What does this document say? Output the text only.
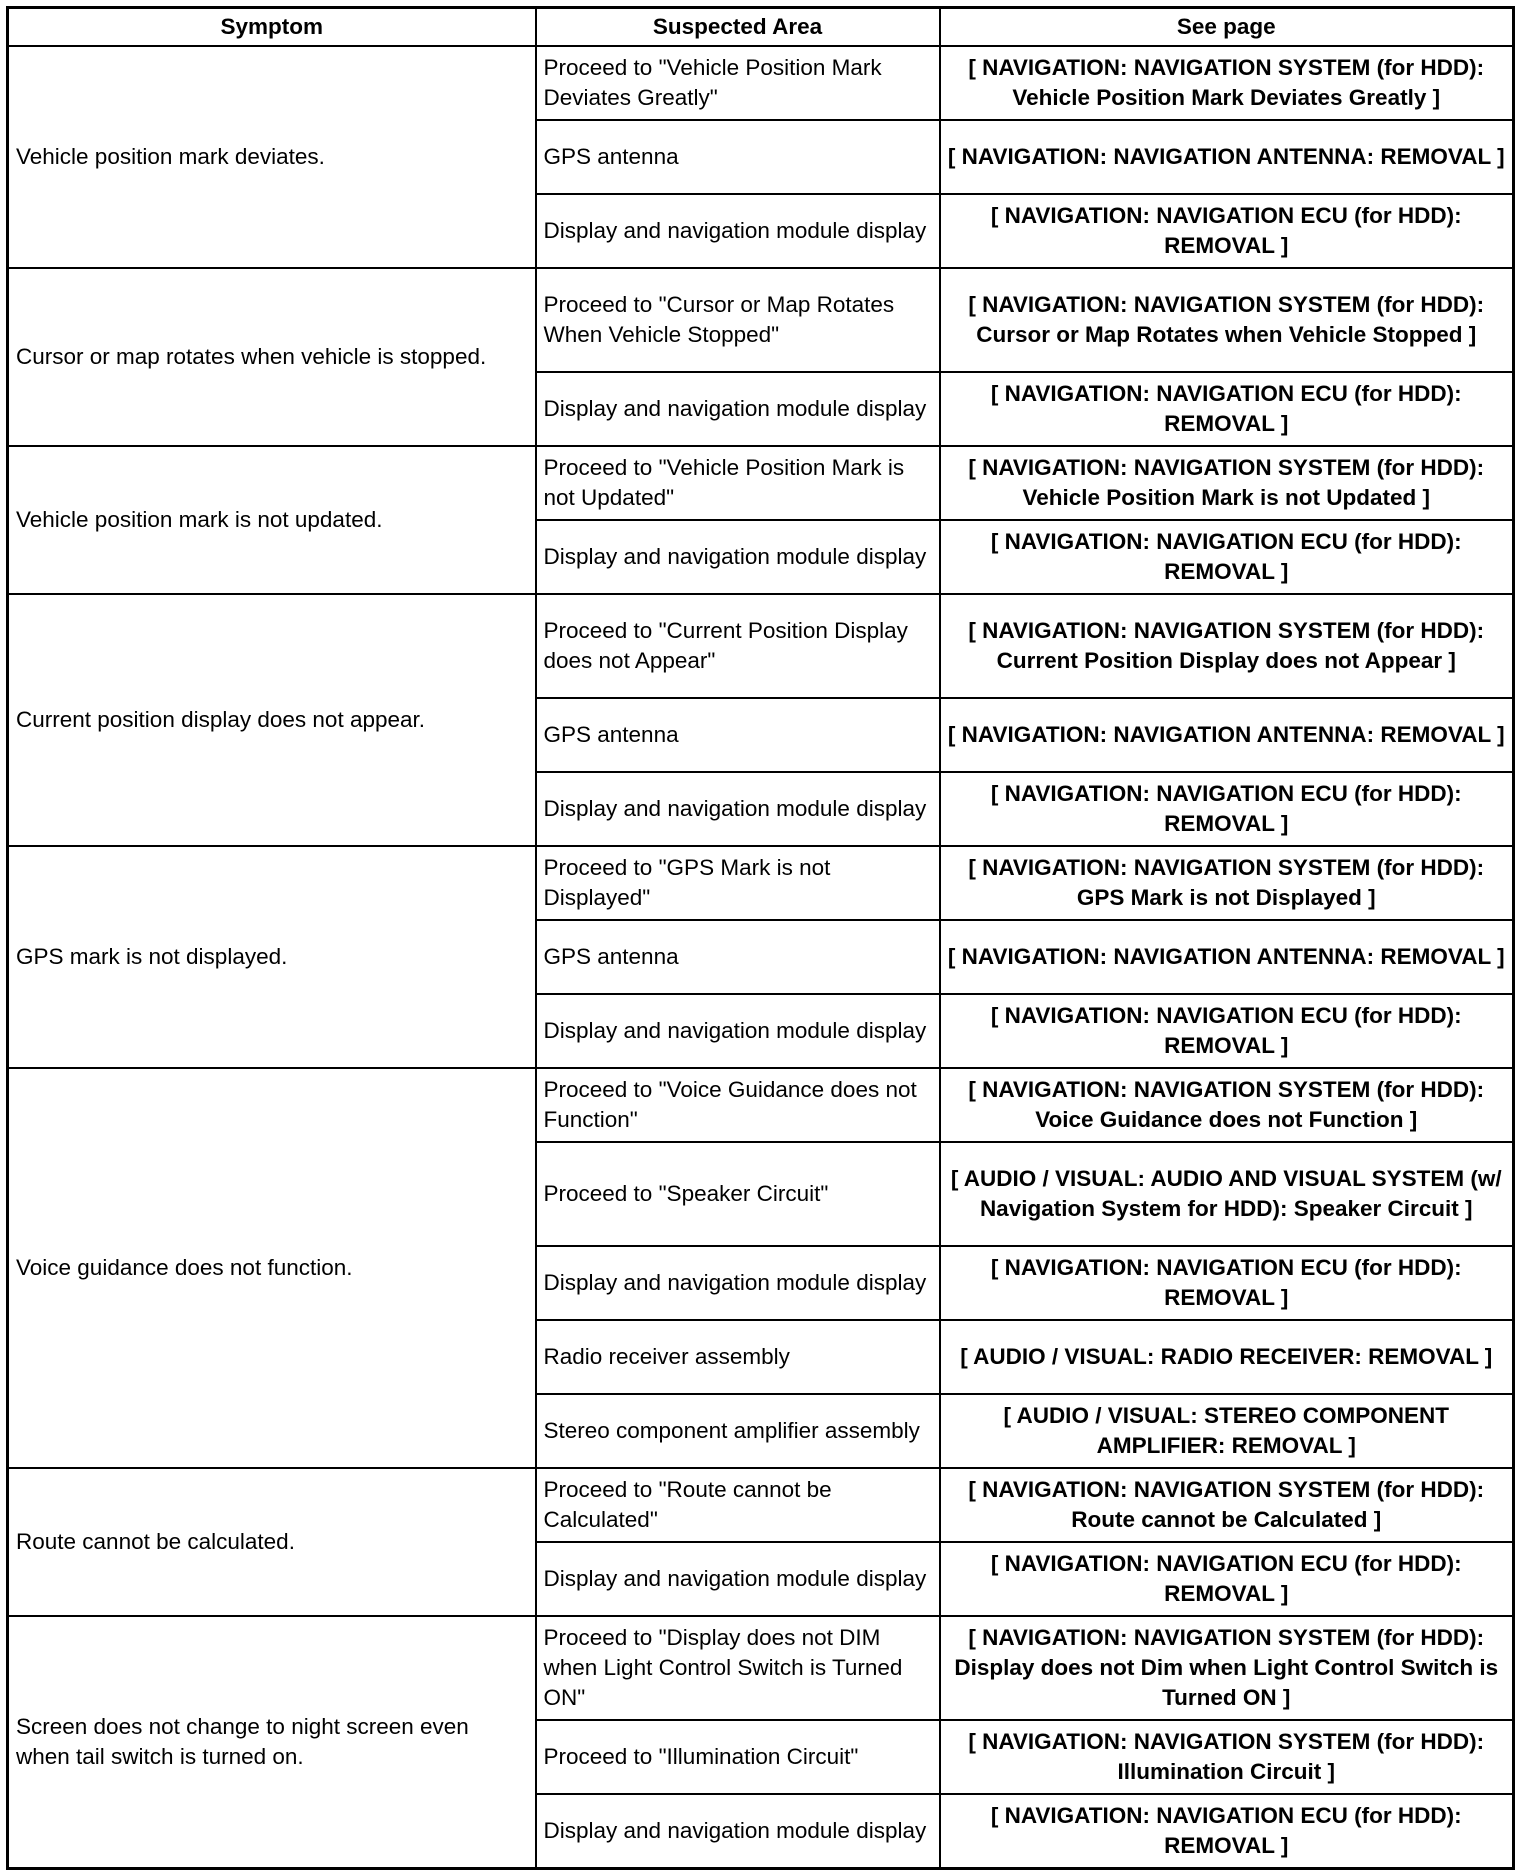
Symptom	Suspected Area	See page
Vehicle position mark deviates.	Proceed to "Vehicle Position Mark Deviates Greatly"	[ NAVIGATION: NAVIGATION SYSTEM (for HDD): Vehicle Position Mark Deviates Greatly ]
	GPS antenna	[ NAVIGATION: NAVIGATION ANTENNA: REMOVAL ]
	Display and navigation module display	[ NAVIGATION: NAVIGATION ECU (for HDD): REMOVAL ]
Cursor or map rotates when vehicle is stopped.	Proceed to "Cursor or Map Rotates When Vehicle Stopped"	[ NAVIGATION: NAVIGATION SYSTEM (for HDD): Cursor or Map Rotates when Vehicle Stopped ]
	Display and navigation module display	[ NAVIGATION: NAVIGATION ECU (for HDD): REMOVAL ]
Vehicle position mark is not updated.	Proceed to "Vehicle Position Mark is not Updated"	[ NAVIGATION: NAVIGATION SYSTEM (for HDD): Vehicle Position Mark is not Updated ]
	Display and navigation module display	[ NAVIGATION: NAVIGATION ECU (for HDD): REMOVAL ]
Current position display does not appear.	Proceed to "Current Position Display does not Appear"	[ NAVIGATION: NAVIGATION SYSTEM (for HDD): Current Position Display does not Appear ]
	GPS antenna	[ NAVIGATION: NAVIGATION ANTENNA: REMOVAL ]
	Display and navigation module display	[ NAVIGATION: NAVIGATION ECU (for HDD): REMOVAL ]
GPS mark is not displayed.	Proceed to "GPS Mark is not Displayed"	[ NAVIGATION: NAVIGATION SYSTEM (for HDD): GPS Mark is not Displayed ]
	GPS antenna	[ NAVIGATION: NAVIGATION ANTENNA: REMOVAL ]
	Display and navigation module display	[ NAVIGATION: NAVIGATION ECU (for HDD): REMOVAL ]
Voice guidance does not function.	Proceed to "Voice Guidance does not Function"	[ NAVIGATION: NAVIGATION SYSTEM (for HDD): Voice Guidance does not Function ]
	Proceed to "Speaker Circuit"	[ AUDIO / VISUAL: AUDIO AND VISUAL SYSTEM (w/ Navigation System for HDD): Speaker Circuit ]
	Display and navigation module display	[ NAVIGATION: NAVIGATION ECU (for HDD): REMOVAL ]
	Radio receiver assembly	[ AUDIO / VISUAL: RADIO RECEIVER: REMOVAL ]
	Stereo component amplifier assembly	[ AUDIO / VISUAL: STEREO COMPONENT AMPLIFIER: REMOVAL ]
Route cannot be calculated.	Proceed to "Route cannot be Calculated"	[ NAVIGATION: NAVIGATION SYSTEM (for HDD): Route cannot be Calculated ]
	Display and navigation module display	[ NAVIGATION: NAVIGATION ECU (for HDD): REMOVAL ]
Screen does not change to night screen even when tail switch is turned on.	Proceed to "Display does not DIM when Light Control Switch is Turned ON"	[ NAVIGATION: NAVIGATION SYSTEM (for HDD): Display does not Dim when Light Control Switch is Turned ON ]
	Proceed to "Illumination Circuit"	[ NAVIGATION: NAVIGATION SYSTEM (for HDD): Illumination Circuit ]
	Display and navigation module display	[ NAVIGATION: NAVIGATION ECU (for HDD): REMOVAL ]
